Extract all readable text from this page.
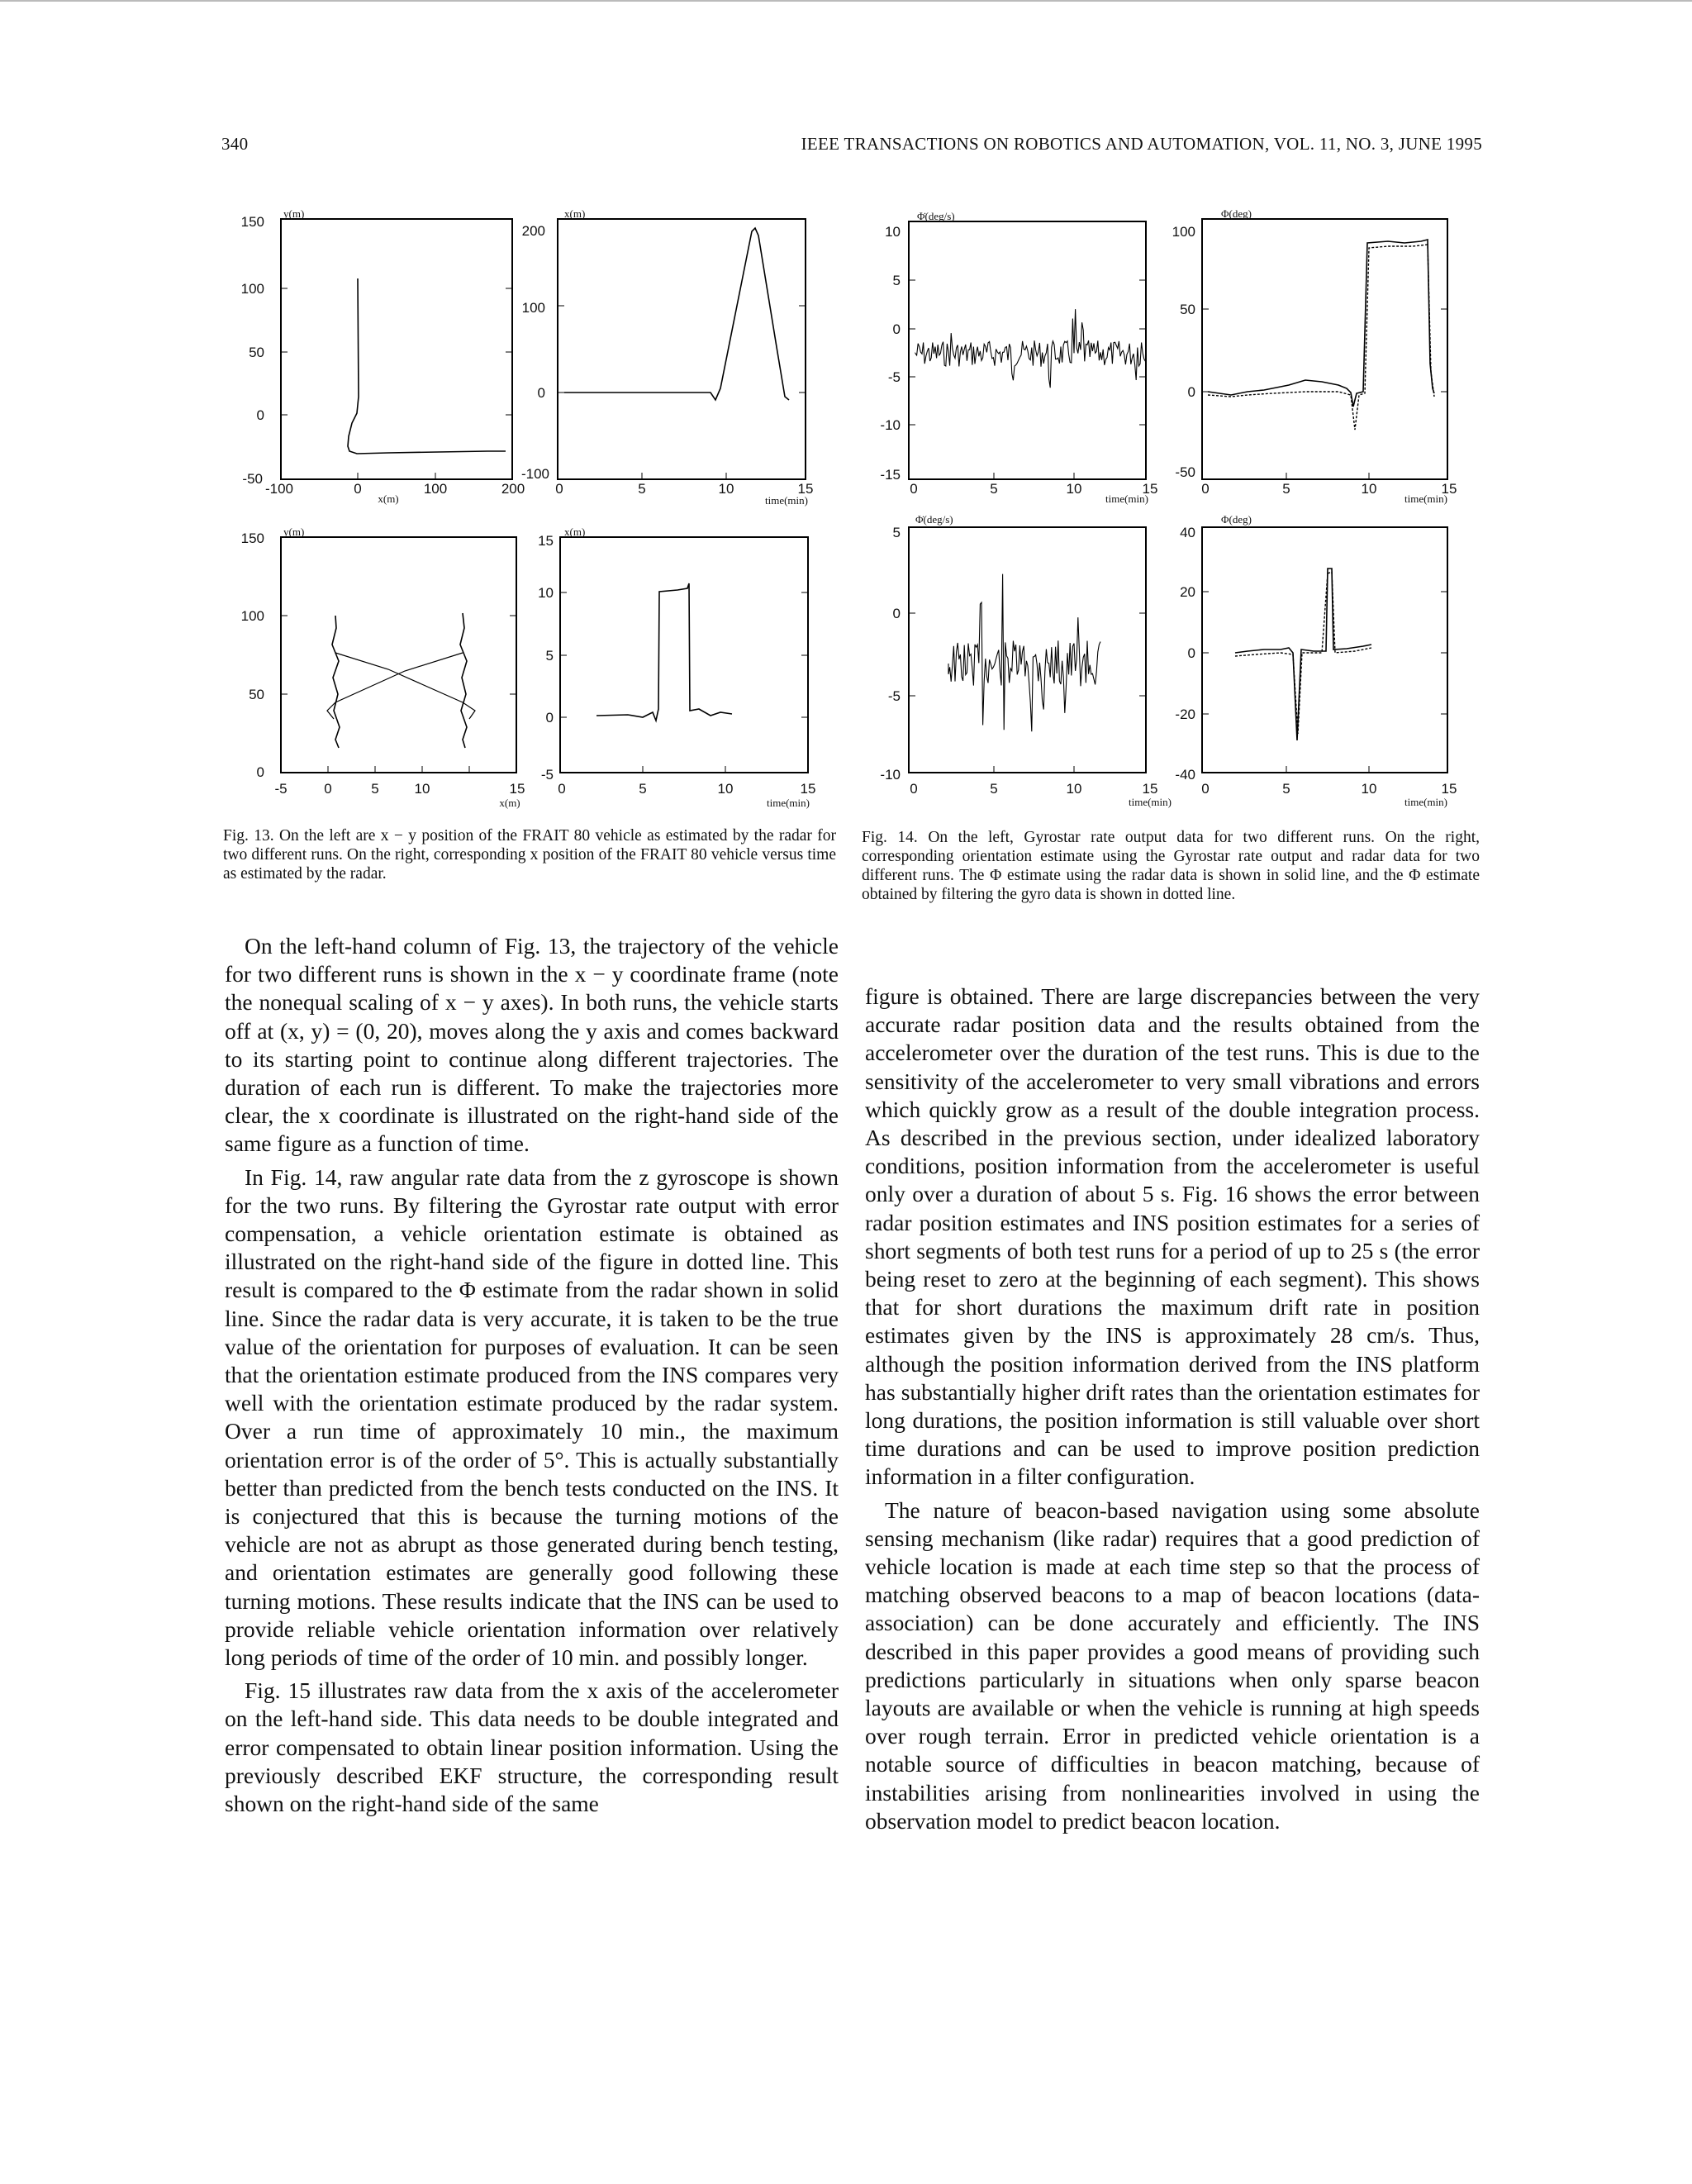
340	IEEE TRANSACTIONS ON ROBOTICS AND AUTOMATION, VOL. 11, NO. 3, JUNE 1995
y(m)
x(m)
150
100
50
0
-50
-100	0	100	200
x(m)
time(min)
200
100
0
-100
0	5	10	15
y(m)
x(m)
150
100
50
0
-5	0	5	10	15
x(m)
time(min)
15
10
5
0
-5
0	5	10	15
Fig. 13. On the left are x − y position of the FRAIT 80 vehicle as estimated by the radar for two different runs. On the right, corresponding x position of the FRAIT 80 vehicle versus time as estimated by the radar.
Φ̇(deg/s)
time(min)
10
5
0
-5
-10
-15
0	5	10	15
Φ(deg)
time(min)
100
50
0
-50
0	5	10	15
Φ̇(deg/s)
time(min)
5
0
-5
-10
0	5	10	15
Φ(deg)
time(min)
40
20
0
-20
-40
0	5	10	15
Fig. 14. On the left, Gyrostar rate output data for two different runs. On the right, corresponding orientation estimate using the Gyrostar rate output and radar data for two different runs. The Φ estimate using the radar data is shown in solid line, and the Φ estimate obtained by filtering the gyro data is shown in dotted line.

On the left-hand column of Fig. 13, the trajectory of the vehicle for two different runs is shown in the x − y coordinate frame (note the nonequal scaling of x − y axes). In both runs, the vehicle starts off at (x, y) = (0, 20), moves along the y axis and comes backward to its starting point to continue along different trajectories. The duration of each run is different. To make the trajectories more clear, the x coordinate is illustrated on the right-hand side of the same figure as a function of time.

In Fig. 14, raw angular rate data from the z gyroscope is shown for the two runs. By filtering the Gyrostar rate output with error compensation, a vehicle orientation estimate is obtained as illustrated on the right-hand side of the figure in dotted line. This result is compared to the Φ estimate from the radar shown in solid line. Since the radar data is very accurate, it is taken to be the true value of the orientation for purposes of evaluation. It can be seen that the orientation estimate produced from the INS compares very well with the orientation estimate produced by the radar system. Over a run time of approximately 10 min., the maximum orientation error is of the order of 5°. This is actually substantially better than predicted from the bench tests conducted on the INS. It is conjectured that this is because the turning motions of the vehicle are not as abrupt as those generated during bench testing, and orientation estimates are generally good following these turning motions. These results indicate that the INS can be used to provide reliable vehicle orientation information over relatively long periods of time of the order of 10 min. and possibly longer.

Fig. 15 illustrates raw data from the x axis of the accelerometer on the left-hand side. This data needs to be double integrated and error compensated to obtain linear position information. Using the previously described EKF structure, the corresponding result shown on the right-hand side of the same

figure is obtained. There are large discrepancies between the very accurate radar position data and the results obtained from the accelerometer over the duration of the test runs. This is due to the sensitivity of the accelerometer to very small vibrations and errors which quickly grow as a result of the double integration process. As described in the previous section, under idealized laboratory conditions, position information from the accelerometer is useful only over a duration of about 5 s. Fig. 16 shows the error between radar position estimates and INS position estimates for a series of short segments of both test runs for a period of up to 25 s (the error being reset to zero at the beginning of each segment). This shows that for short durations the maximum drift rate in position estimates given by the INS is approximately 28 cm/s. Thus, although the position information derived from the INS platform has substantially higher drift rates than the orientation estimates for long durations, the position information is still valuable over short time durations and can be used to improve position prediction information in a filter configuration.

The nature of beacon-based navigation using some absolute sensing mechanism (like radar) requires that a good prediction of vehicle location is made at each time step so that the process of matching observed beacons to a map of beacon locations (data-association) can be done accurately and efficiently. The INS described in this paper provides a good means of providing such predictions particularly in situations when only sparse beacon layouts are available or when the vehicle is running at high speeds over rough terrain. Error in predicted vehicle orientation is a notable source of difficulties in beacon matching, because of instabilities arising from nonlinearities involved in using the observation model to predict beacon location.
